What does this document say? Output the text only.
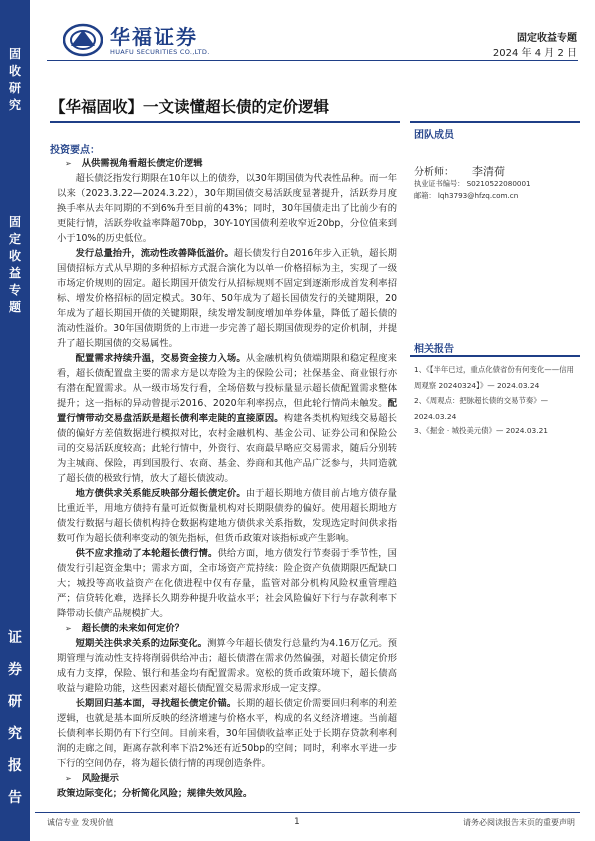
固
收
研
究
固
定
收
益
专
题
证
券
研
究
报
告
华福证券
HUAFU SECURITIES CO.,LTD.
固定收益专题
2024 年 4 月 2 日
【华福固收】一文读懂超长债的定价逻辑
投资要点：
➢ 从供需视角看超长债定价逻辑

超长债泛指发行期限在10年以上的债券，以30年期国债为代表性品种。而一年以来（2023.3.22—2024.3.22），30年期国债交易活跃度显著提升，活跃券月度换手率从去年同期的不到6%升至目前的43%；同时，30年国债走出了比前少有的更陡行情，活跃券收益率降超70bp，30Y-10Y国债利差收窄近20bp，分位值来到小于10%的历史低位。

发行总量抬升，流动性改善降低溢价。超长债发行自2016年步入正轨，超长期国债招标方式从早期的多种招标方式混合演化为以单一价格招标为主，实现了一级市场定价规则的固定。超长期国开债发行从招标规则不固定到逐渐形成首发利率招标、增发价格招标的固定模式。30年、50年成为了超长国债发行的关键期限，20年成为了超长期国开债的关键期限，续发增发制度增加单券体量，降低了超长债的流动性溢价。30年国债期货的上市进一步完善了超长期国债现券的定价机制，并提升了超长期国债的交易属性。

配置需求持续升温，交易资金接力入场。从金融机构负债端期限和稳定程度来看，超长债配置盘主要的需求方是以寿险为主的保险公司；社保基金、商业银行亦有潜在配置需求。从一级市场发行看，全场倍数与投标量显示超长债配置需求整体提升；这一指标的异动曾提示2016、2020年利率拐点，但此轮行情尚未触发。配置行情带动交易盘活跃是超长债利率走陡的直接原因。构建各类机构短线交易超长债的偏好方差值数据进行模拟对比，农村金融机构、基金公司、证券公司和保险公司的交易活跃度较高；此轮行情中，外资行、农商最早略应交易需求，随后分别转为主城商、保险，再到国股行、农商、基金、券商和其他产品广泛参与，共同造就了超长债的极致行情，放大了超长债波动。

地方债供求关系能反映部分超长债定价。由于超长期地方债目前占地方债存量比重近半，用地方债持有量可近似衡量机构对长期限债券的偏好。使用超长期地方债发行数据与超长债机构持仓数据构建地方债供求关系指数，发现选定时间供求指数可作为超长债利率变动的领先指标，但货币政策对该指标或产生影响。

供不应求推动了本轮超长债行情。供给方面，地方债发行节奏弱于季节性，国债发行引起资金集中；需求方面，全市场资产荒持续：险企资产负债期限匹配缺口大；城投等高收益资产在化债进程中仅有存量，监管对部分机构风险权重管理趋严；信贷转化难，选择长久期券种提升收益水平；社会风险偏好下行与存款利率下降带动长债产品规模扩大。

➢ 超长债的未来如何定价？

短期关注供求关系的边际变化。测算今年超长债发行总量约为4.16万亿元。预期管理与流动性支持将削弱供给冲击；超长债潜在需求仍然偏强，对超长债定价形成有力支撑，保险、银行和基金均有配置需求。宽松的货币政策环境下，超长债高收益与避险功能，这些因素对超长债配置交易需求形成一定支撑。

长期回归基本面，寻找超长债定价锚。长期的超长债定价需要回归利率的利差逻辑，也就是基本面所反映的经济增速与价格水平，构成的名义经济增速。当前超长债利率长期仍有下行空间。目前来看，30年国债收益率正处于长期存贷款利率利润的走廊之间，距离存款利率下沿2%还有近50bp的空间；同时，利率水平进一步下行的空间仍存，将为超长债行情的再现创造条件。

➢ 风险提示

政策边际变化；分析简化风险；规律失效风险。

团队成员
分析师： 李清荷
执业证书编号： S0210522080001
邮箱： lqh3793@hfzq.com.cn
相关报告
1、《【半年已过，重点化债省份有何变化——信用周观察 20240324】》— 2024.03.24
2、《周观点：把脉超长债的交易节奏》— 2024.03.24
3、《掘金 · 城投美元债》— 2024.03.21
诚信专业 发现价值	1	请务必阅读报告末页的重要声明
